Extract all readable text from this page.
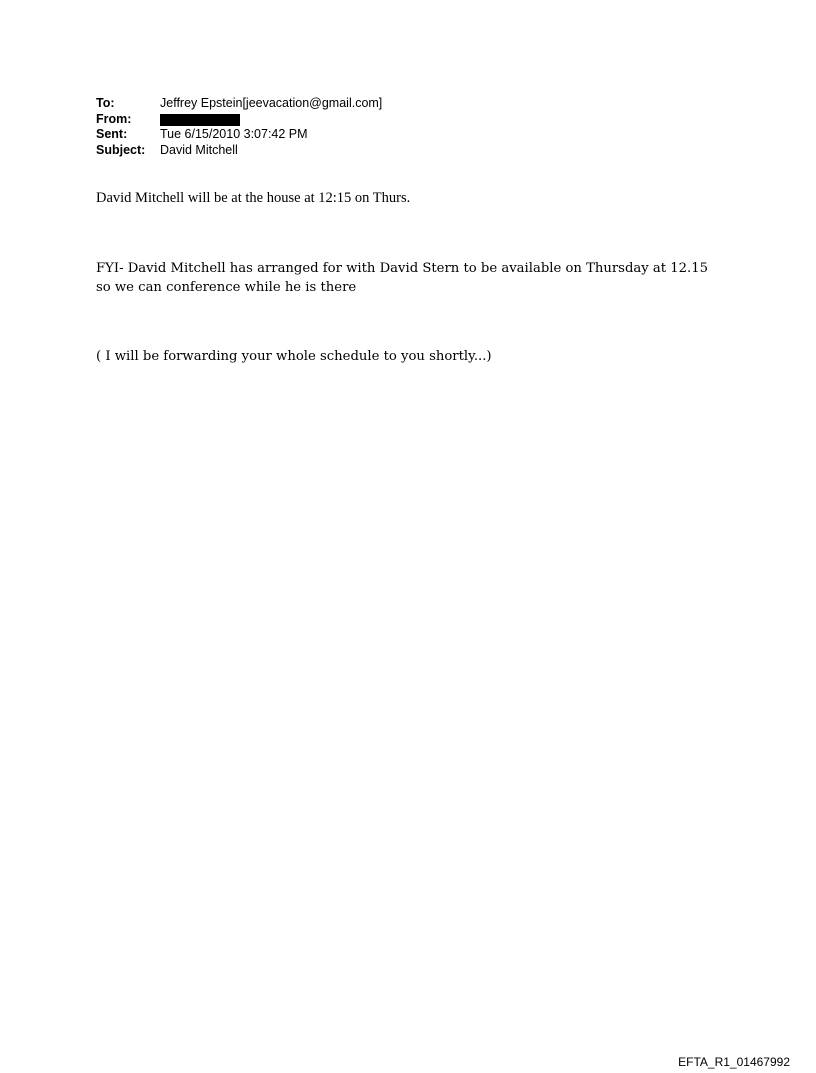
To:	Jeffrey Epstein[jeevacation@gmail.com]
From:
Sent:	Tue 6/15/2010 3:07:42 PM
Subject:	David Mitchell
David Mitchell will be at the house at 12:15 on Thurs.
FYI- David Mitchell has arranged for with David Stern to be available on Thursday at 12.15
so we can conference while he is there
( I will be forwarding your whole schedule to you shortly...)
EFTA_R1_01467992
